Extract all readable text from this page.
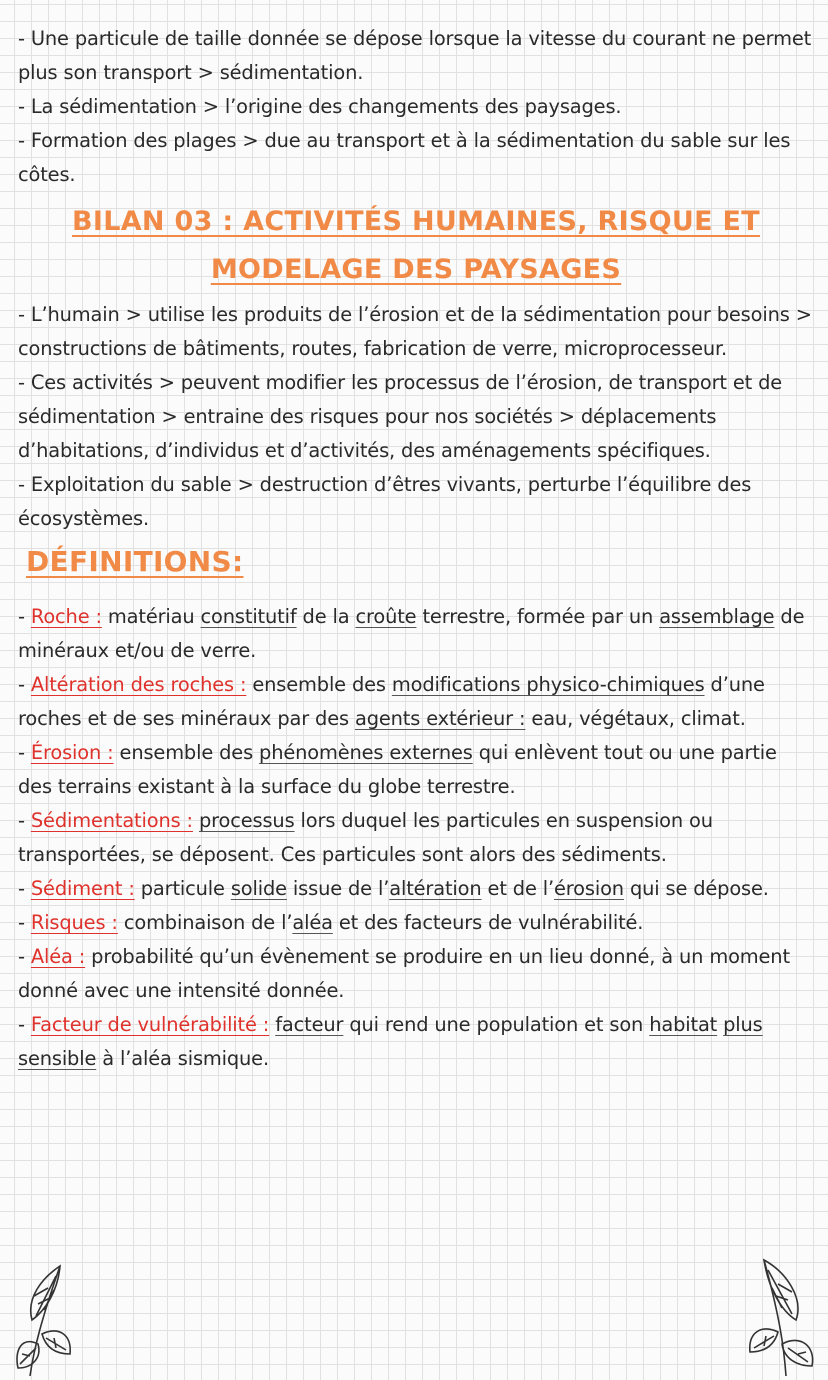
- Une particule de taille donnée se dépose lorsque la vitesse du courant ne permet plus son transport > sédimentation.

- La sédimentation > l’origine des changements des paysages.

- Formation des plages > due au transport et à la sédimentation du sable sur les côtes.

BILAN 03 : ACTIVITÉS HUMAINES, RISQUE ET MODELAGE DES PAYSAGES

- L’humain > utilise les produits de l’érosion et de la sédimentation pour besoins > constructions de bâtiments, routes, fabrication de verre, microprocesseur.

- Ces activités > peuvent modifier les processus de l’érosion, de transport et de sédimentation > entraine des risques pour nos sociétés > déplacements d’habitations, d’individus et d’activités, des aménagements spécifiques.

- Exploitation du sable > destruction d’êtres vivants, perturbe l’équilibre des écosystèmes.

DÉFINITIONS:

- Roche : matériau constitutif de la croûte terrestre, formée par un assemblage de minéraux et/ou de verre.

- Altération des roches : ensemble des modifications physico-chimiques d’une roches et de ses minéraux par des agents extérieur : eau, végétaux, climat.

- Érosion : ensemble des phénomènes externes qui enlèvent tout ou une partie des terrains existant à la surface du globe terrestre.

- Sédimentations : processus lors duquel les particules en suspension ou transportées, se déposent. Ces particules sont alors des sédiments.

- Sédiment : particule solide issue de l’altération et de l’érosion qui se dépose.

- Risques : combinaison de l’aléa et des facteurs de vulnérabilité.

- Aléa : probabilité qu’un évènement se produire en un lieu donné, à un moment donné avec une intensité donnée.

- Facteur de vulnérabilité : facteur qui rend une population et son habitat plus sensible à l’aléa sismique.
